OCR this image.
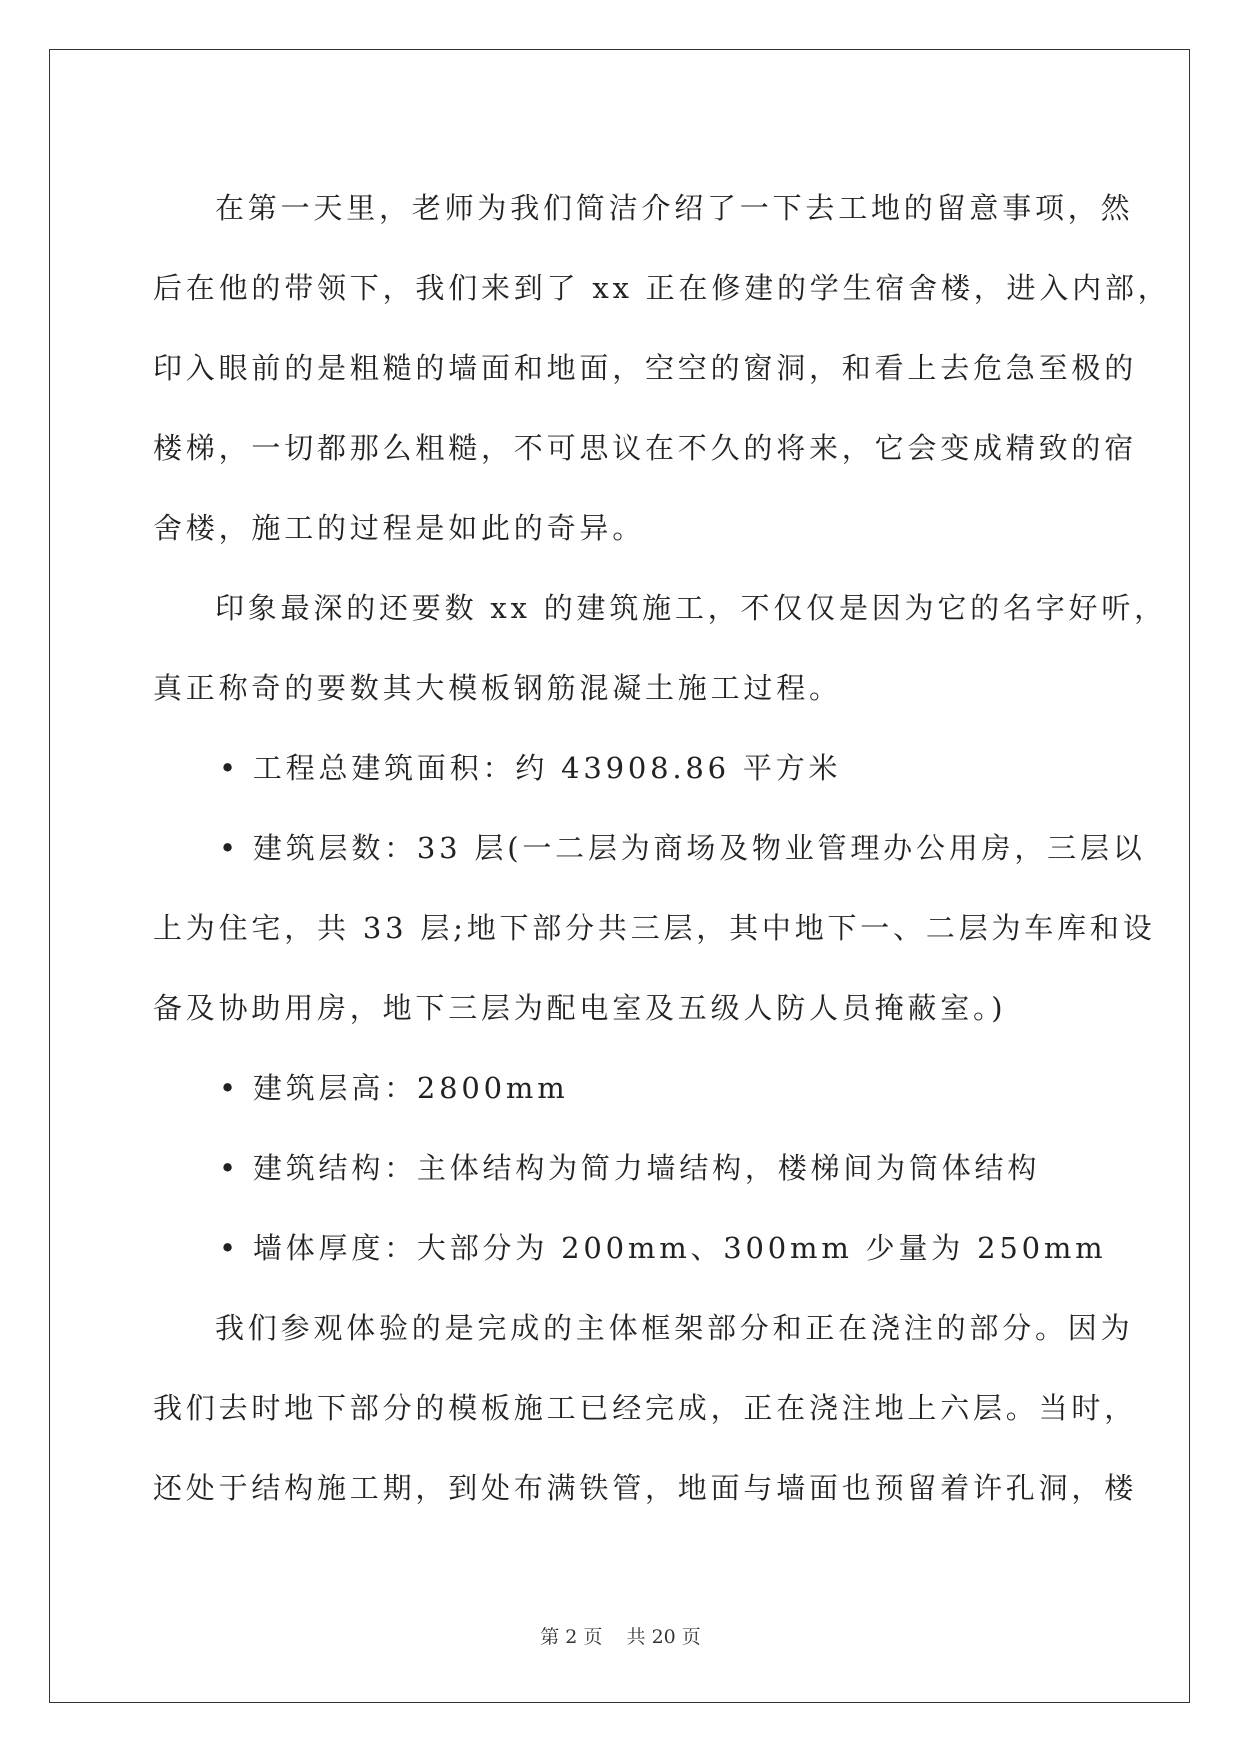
在第一天里，老师为我们简洁介绍了一下去工地的留意事项，然
后在他的带领下，我们来到了 xx 正在修建的学生宿舍楼，进入内部，
印入眼前的是粗糙的墙面和地面，空空的窗洞，和看上去危急至极的
楼梯，一切都那么粗糙，不可思议在不久的将来，它会变成精致的宿
舍楼，施工的过程是如此的奇异。
印象最深的还要数 xx 的建筑施工，不仅仅是因为它的名字好听，
真正称奇的要数其大模板钢筋混凝土施工过程。
• 工程总建筑面积：约 43908.86 平方米
• 建筑层数：33 层(一二层为商场及物业管理办公用房，三层以
上为住宅，共 33 层;地下部分共三层，其中地下一、二层为车库和设
备及协助用房，地下三层为配电室及五级人防人员掩蔽室。)
• 建筑层高：2800mm
• 建筑结构：主体结构为简力墙结构，楼梯间为筒体结构
• 墙体厚度：大部分为 200mm、300mm 少量为 250mm
我们参观体验的是完成的主体框架部分和正在浇注的部分。因为
我们去时地下部分的模板施工已经完成，正在浇注地上六层。当时，
还处于结构施工期，到处布满铁管，地面与墙面也预留着许孔洞，楼
第 2 页    共 20 页
